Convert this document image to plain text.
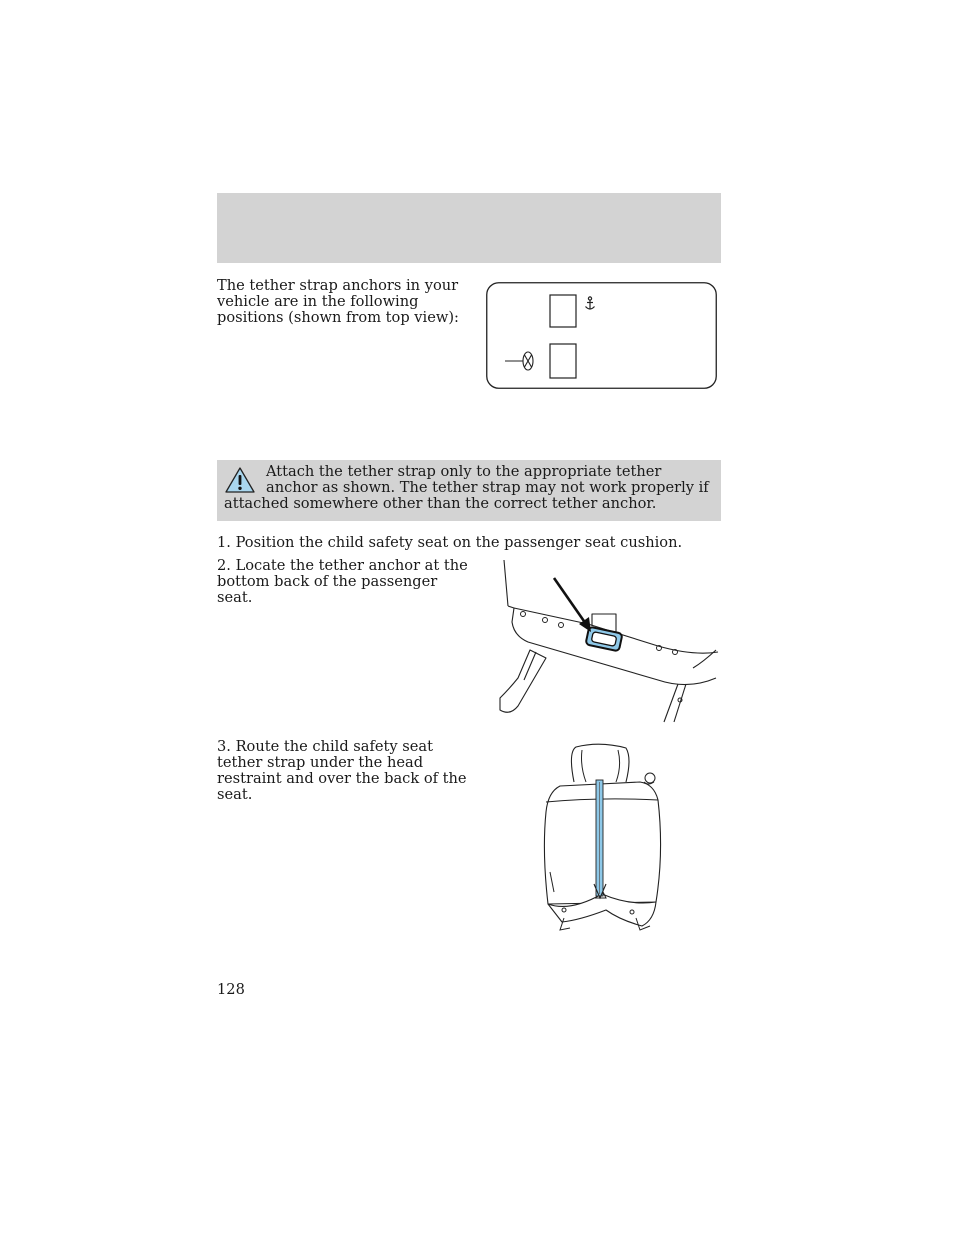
The tether strap anchors in your vehicle are in the following positions (shown from top view):

Attach the tether strap only to the appropriate tether anchor as shown. The tether strap may not work properly if attached somewhere other than the correct tether anchor.

1. Position the child safety seat on the passenger seat cushion.

2. Locate the tether anchor at the bottom back of the passenger seat.

3. Route the child safety seat tether strap under the head restraint and over the back of the seat.

128
